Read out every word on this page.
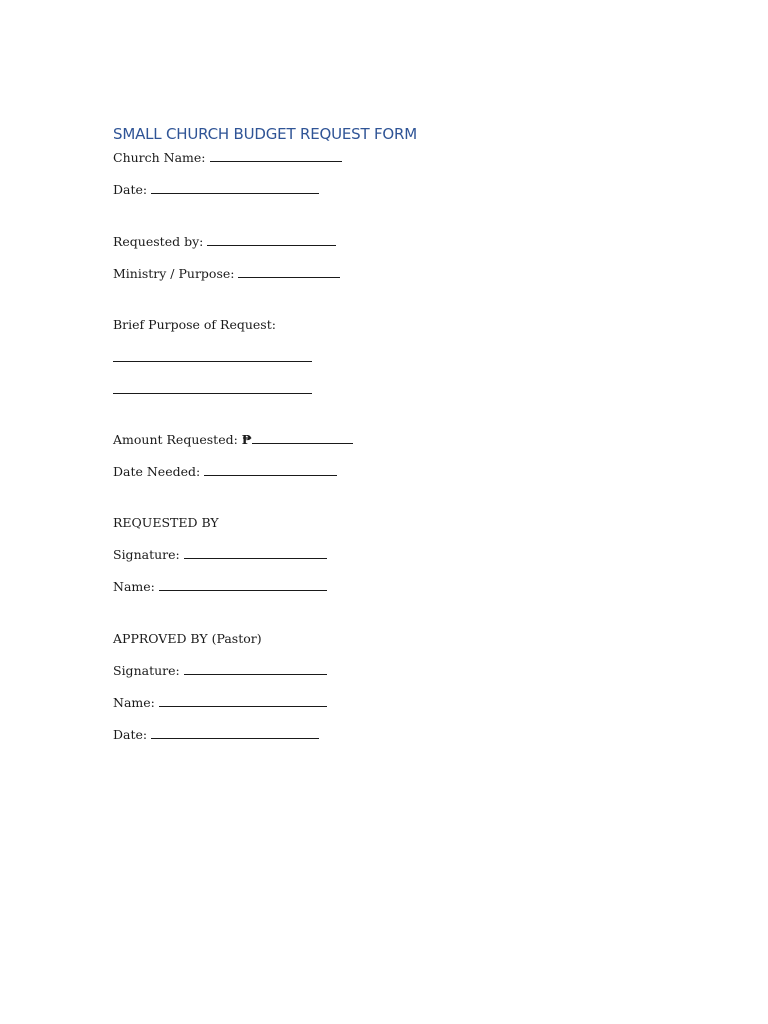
SMALL CHURCH BUDGET REQUEST FORM
Church Name:
Date:
Requested by:
Ministry / Purpose:
Brief Purpose of Request:
Amount Requested: ₱
Date Needed:
REQUESTED BY
Signature:
Name:
APPROVED BY (Pastor)
Signature:
Name:
Date:
